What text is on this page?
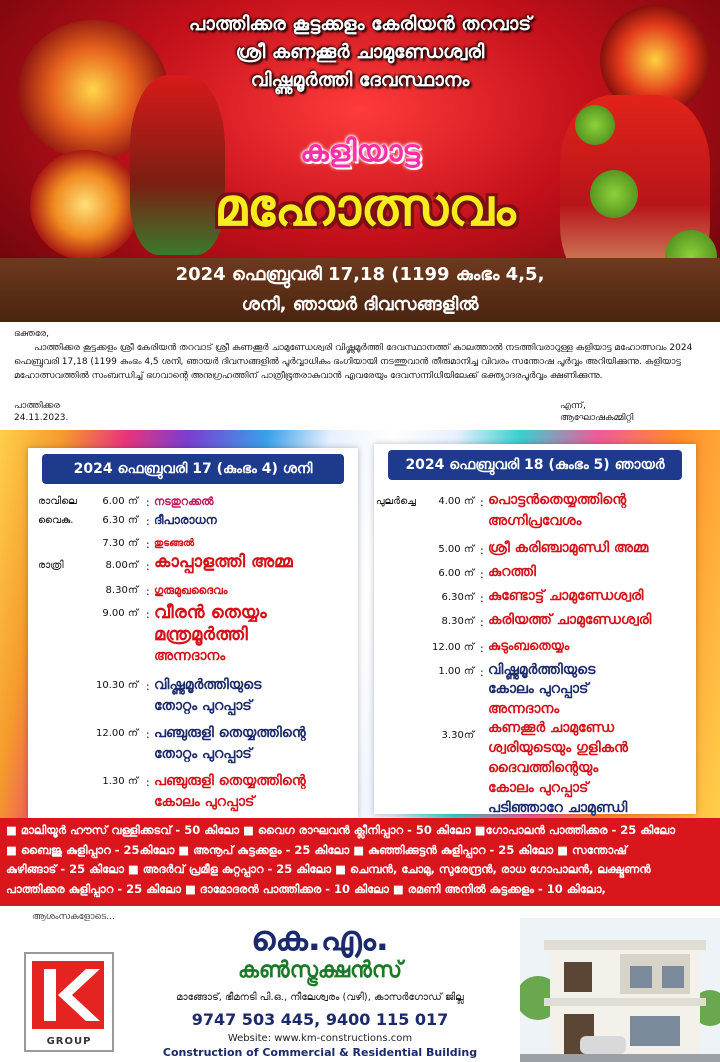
പാത്തിക്കര കൂട്ടക്കളം കേരിയൻ തറവാട്
ശ്രീ കണക്കൂർ ചാമുണ്ഡേശ്വരി
വിഷ്ണുമൂർത്തി ദേവസ്ഥാനം
കളിയാട്ട
മഹോത്സവം
2024 ഫെബ്രുവരി 17,18 (1199 കുംഭം 4,5,
ശനി, ഞായർ ദിവസങ്ങളിൽ
ഭക്തരേ,
പാത്തിക്കര കൂട്ടക്കളം ശ്രീ കേരിയൻ തറവാട് ശ്രീ കണക്കൂർ ചാമുണ്ഡേശ്വരി വിഷ്ണുമൂർത്തി ദേവസ്ഥാനത്ത് കാലത്താൽ നടത്തിവരാറുള്ള കളിയാട്ട മഹോത്സവം 2024 ഫെബ്രുവരി 17,18 (1199 കുംഭം 4,5 ശനി, ഞായർ ദിവസങ്ങളിൽ പൂർവ്വാധികം ഭംഗിയായി നടത്തുവാൻ തീരുമാനിച്ച വിവരം സന്തോഷ പൂർവ്വം അറിയിക്കുന്നു. കളിയാട്ട മഹോത്സവത്തിൽ സംബന്ധിച്ച് ഭഗവാന്റെ അനുഗ്രഹത്തിന് പാത്രീഭൂതരാകുവാൻ എവരേയും ദേവസന്നിധിയിലേക്ക് ഭക്ത്യാദരപൂർവ്വം ക്ഷണിക്കുന്നു.
പാത്തിക്കര
24.11.2023.
എന്ന്,
ആഘോഷകമ്മിറ്റി
2024 ഫെബ്രുവരി 17 (കുംഭം 4) ശനി
രാവിലെ	6.00 ന് : നടതുറക്കൽ
വൈകു.	6.30 ന് : ദീപാരാധന
7.30 ന് : തുടങ്ങൽ
രാത്രി	8.00ന് : കാപ്പാളത്തി അമ്മ
8.30ന് : ഗുരുമുഖദൈവം
9.00 ന് : വീരൻ തെയ്യം
മന്ത്രമൂർത്തി
അന്നദാനം
10.30 ന് : വിഷ്ണുമൂർത്തിയുടെ
തോറ്റം പുറപ്പാട്
12.00 ന് : പഞ്ചുരുളി തെയ്യത്തിന്റെ
തോറ്റം പുറപ്പാട്
1.30 ന് : പഞ്ചുരുളി തെയ്യത്തിന്റെ
കോലം പുറപ്പാട്
2024 ഫെബ്രുവരി 18 (കുംഭം 5) ഞായർ
പുലർച്ചെ	4.00 ന് : പൊട്ടൻതെയ്യത്തിന്റെ
അഗ്നിപ്രവേശം
5.00 ന് : ശ്രീ കരിഞ്ചാമുണ്ഡി അമ്മ
6.00 ന് : കുറത്തി
6.30ന് : കുണ്ടോട്ട് ചാമുണ്ഡേശ്വരി
8.30ന് : കരിയത്ത് ചാമുണ്ഡേശ്വരി
12.00 ന് : കുടുംബതെയ്യം
1.00 ന് : വിഷ്ണുമൂർത്തിയുടെ
കോലം പുറപ്പാട്
അന്നദാനം
3.30ന് കണക്കൂർ ചാമുണ്ഡേ
ശ്വരിയുടെയും ഗുളികൻ
ദൈവത്തിന്റെയും
കോലം പുറപ്പാട്
പടിഞ്ഞാറേ ചാമുണ്ഡി
■ മാലിയൂർ ഹൗസ് വള്ളിക്കടവ് - 50 കിലോ ■ വൈഗ രാഘവൻ ക്ലീനിപ്പാറ - 50 കിലോ ■ഗോപാലൻ പാത്തിക്കര - 25 കിലോ
■ ബൈജു കുളിപ്പാറ - 25കിലോ ■ അനൂപ് കുട്ടക്കളം - 25 കിലോ ■ കുഞ്ഞിക്കുട്ടൻ കുളിപ്പാറ - 25 കിലോ ■ സന്തോഷ്
കുഴിങ്ങാട് - 25 കിലോ ■ അദർവ് പ്രമീള കുറ്റപ്പാറ - 25 കിലോ ■ ചെമ്പൻ, ചോമു, സുരേന്ദ്രൻ, രാധ ഗോപാലൻ, ലക്ഷ്മണൻ
പാത്തിക്കര കുളിപ്പാറ - 25 കിലോ ■ ദാമോദരൻ പാത്തിക്കര - 10 കിലോ ■ രമണി അനിൽ കുട്ടക്കളം - 10 കിലോ,
ആശംസകളോടെ...
GROUP
കെ.എം.
കൺസ്ട്രക്ഷൻസ്
മാങ്ങോട്, ഭീമനടി പി.ഒ., നീലേശ്വരം (വഴി), കാസർഗോഡ് ജില്ല
9747 503 445, 9400 115 017
Website: www.km-constructions.com
Construction of Commercial & Residential Building
